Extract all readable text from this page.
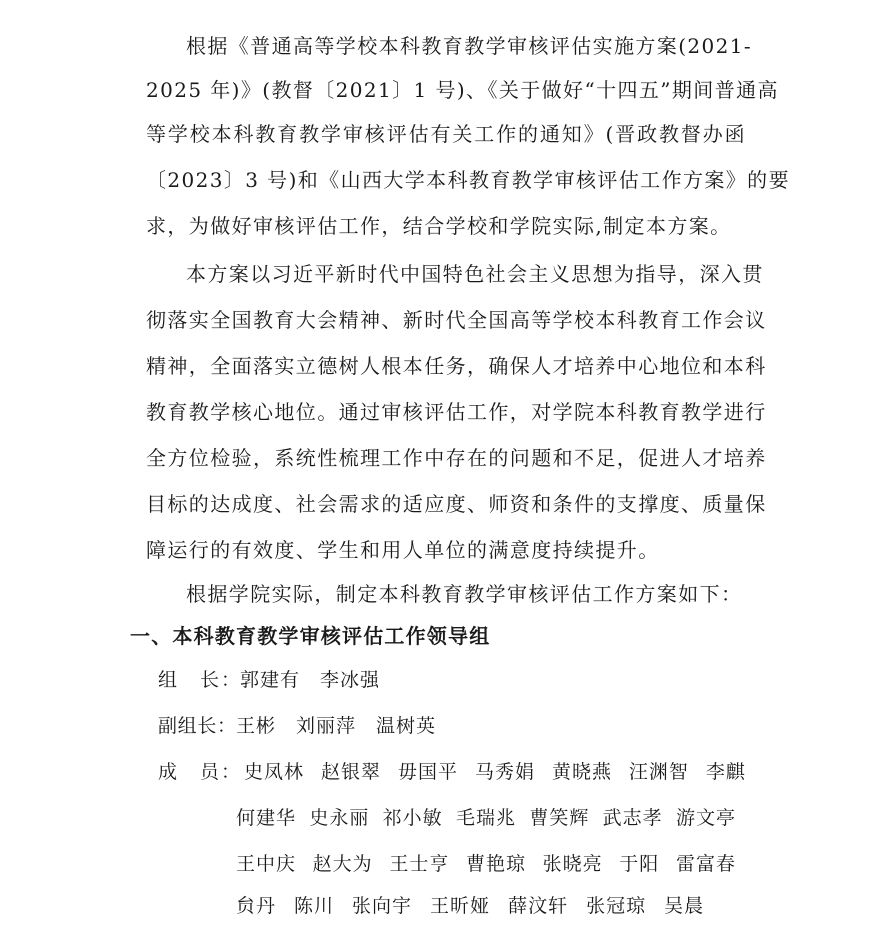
根据《普通高等学校本科教育教学审核评估实施方案(2021-
2025 年)》(教督〔2021〕1 号)、《关于做好“十四五”期间普通高
等学校本科教育教学审核评估有关工作的通知》(晋政教督办函
〔2023〕3 号)和《山西大学本科教育教学审核评估工作方案》的要
求，为做好审核评估工作，结合学校和学院实际,制定本方案。
本方案以习近平新时代中国特色社会主义思想为指导，深入贯
彻落实全国教育大会精神、新时代全国高等学校本科教育工作会议
精神，全面落实立德树人根本任务，确保人才培养中心地位和本科
教育教学核心地位。通过审核评估工作，对学院本科教育教学进行
全方位检验，系统性梳理工作中存在的问题和不足，促进人才培养
目标的达成度、社会需求的适应度、师资和条件的支撑度、质量保
障运行的有效度、学生和用人单位的满意度持续提升。
根据学院实际，制定本科教育教学审核评估工作方案如下：
一、本科教育教学审核评估工作领导组
组　长：郭建有　李冰强
副组长：王彬　刘丽萍　温树英
成　员： 史凤林 赵银翠 毋国平 马秀娟 黄晓燕 汪渊智 李麒
何建华 史永丽 祁小敏 毛瑞兆 曹笑辉 武志孝 游文亭
王中庆 赵大为 王士亨 曹艳琼 张晓亮 于阳 雷富春
贠丹 陈川 张向宇 王昕娅 薛汶轩 张冠琼 吴晨
